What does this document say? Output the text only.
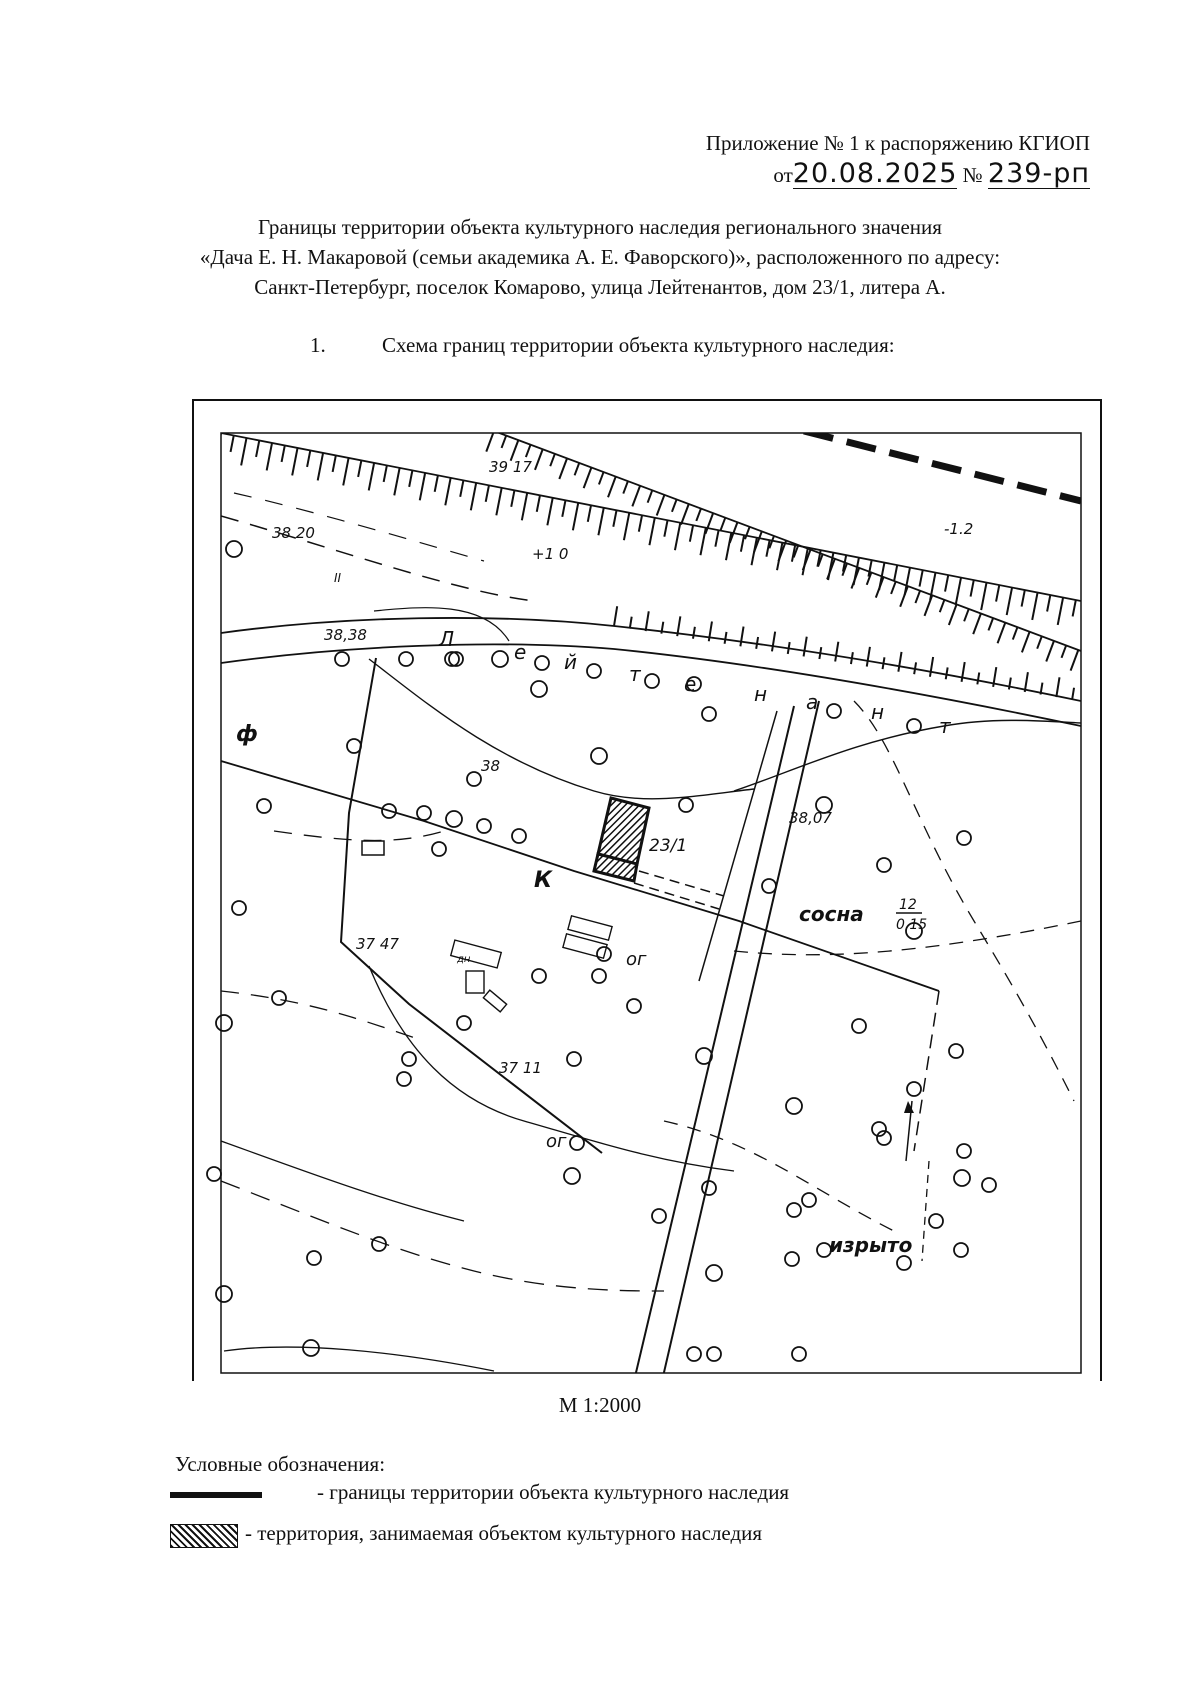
Приложение № 1 к распоряжению КГИОП
от20.08.2025 № 239-рп
Границы территории объекта культурного наследия регионального значения
«Дача Е. Н. Макаровой (семьи академика А. Е. Фаворского)», расположенного по адресу:
Санкт-Петербург, поселок Комарово, улица Лейтенантов, дом 23/1, литера А.
1.	Схема границ территории объекта культурного наследия:
39 17
38 20
+1 0
-1.2
38,38
38
38,07
37 47
37 11
Л
е й	т е	н а	н
т
23/1
ф
К
ог
ог
изрыто
сосна	12
0 15
II
дн
М 1:2000
Условные обозначения:
- границы территории объекта культурного наследия
- территория, занимаемая объектом культурного наследия
